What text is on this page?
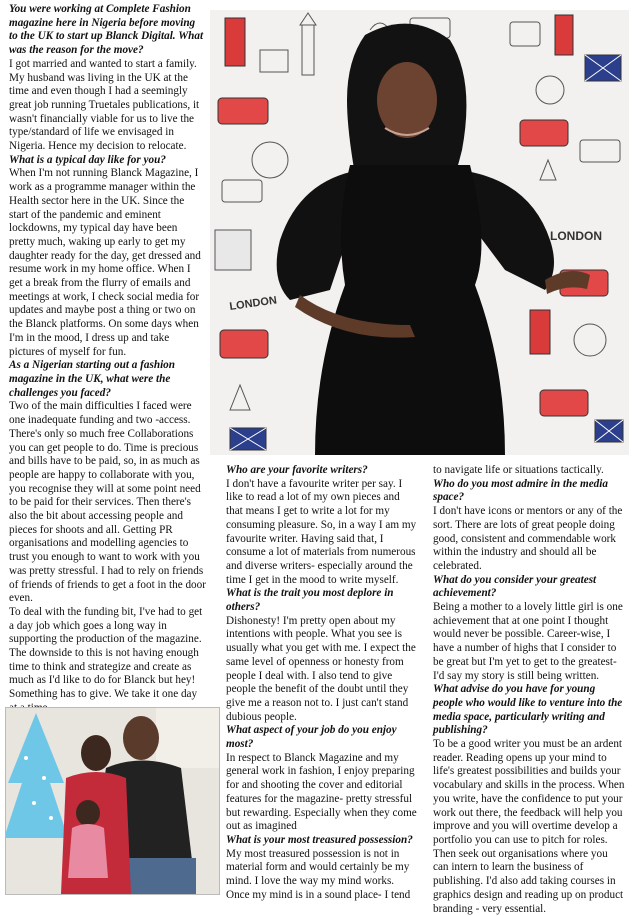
You were working at Complete Fashion magazine here in Nigeria before moving to the UK to start up Blanck Digital. What was the reason for the move?

I got married and wanted to start a family. My husband was living in the UK at the time and even though I had a seemingly great job running Truetales publications, it wasn't financially viable for us to live the type/standard of life we envisaged in Nigeria. Hence my decision to relocate.

What is a typical day like for you?

When I'm not running Blanck Magazine, I work as a programme manager within the Health sector here in the UK. Since the start of the pandemic and eminent lockdowns, my typical day have been pretty much, waking up early to get my daughter ready for the day, get dressed and resume work in my home office. When I get a break from the flurry of emails and meetings at work, I check social media for updates and maybe post a thing or two on the Blanck platforms. On some days when I'm in the mood, I dress up and take pictures of myself for fun.

As a Nigerian starting out a fashion magazine in the UK, what were the challenges you faced?

Two of the main difficulties I faced were one inadequate funding and two -access. There's only so much free Collaborations you can get people to do. Time is precious and bills have to be paid, so, in as much as people are happy to collaborate with you, you recognise they will at some point need to be paid for their services. Then there's also the bit about accessing people and pieces for shoots and all. Getting PR organisations and modelling agencies to trust you enough to want to work with you was pretty stressful. I had to rely on friends of friends of friends to get a foot in the door even.

To deal with the funding bit, I've had to get a day job which goes a long way in supporting the production of the magazine. The downside to this is not having enough time to think and strategize and create as much as I'd like to do for Blanck but hey! Something has to give. We take it one day

LONDON
LONDON

Who are your favorite writers?

I don't have a favourite writer per say. I like to read a lot of my own pieces and that means I get to write a lot for my consuming pleasure. So, in a way I am my favourite writer. Having said that, I consume a lot of materials from numerous and diverse writers- especially around the time I get in the mood to write myself.

What is the trait you most deplore in others?

Dishonesty! I'm pretty open about my intentions with people. What you see is usually what you get with me. I expect the same level of openness or honesty from people I deal with. I also tend to give people the benefit of the doubt until they give me a reason not to. I just can't stand dubious people.

What aspect of your job do you enjoy most?

In respect to Blanck Magazine and my general work in fashion, I enjoy preparing for and shooting the cover and editorial features for the magazine- pretty stressful but rewarding. Especially when they come out as imagined

What is your most treasured possession?

My most treasured possession is not in material form and would certainly be my mind. I love the way my mind works. Once my mind is in a sound place- I tend

to navigate life or situations tactically.

Who do you most admire in the media space?

I don't have icons or mentors or any of the sort. There are lots of great people doing good, consistent and commendable work within the industry and should all be celebrated.

What do you consider your greatest achievement?

Being a mother to a lovely little girl is one achievement that at one point I thought would never be possible. Career-wise, I have a number of highs that I consider to be great but I'm yet to get to the greatest- I'd say my story is still being written.

What advise do you have for young people who would like to venture into the media space, particularly writing and publishing?

To be a good writer you must be an ardent reader. Reading opens up your mind to life's greatest possibilities and builds your vocabulary and skills in the process. When you write, have the confidence to put your work out there, the feedback will help you improve and you will overtime develop a portfolio you can use to pitch for roles. Then seek out organisations where you can intern to learn the business of publishing. I'd also add taking courses in graphics design and reading up on product branding - very essential.
